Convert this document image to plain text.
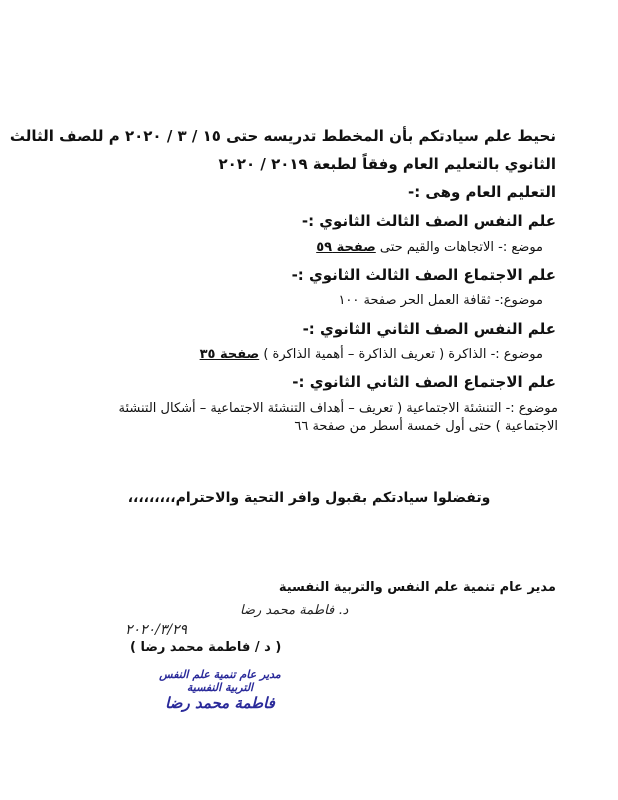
نحيط علم سيادتكم بأن المخطط تدريسه حتى ١٥ / ٣ / ٢٠٢٠ م للصف الثالث
الثانوي بالتعليم العام وفقاً لطبعة ٢٠١٩ / ٢٠٢٠
التعليم العام وهى :-
علم النفس الصف الثالث الثانوي :-
موضع :- الاتجاهات والقيم حتى صفحة ٥٩
علم الاجتماع الصف الثالث الثانوي :-
موضوع:- ثقافة العمل الحر صفحة ١٠٠
علم النفس الصف الثاني الثانوي :-
موضوع :- الذاكرة ( تعريف الذاكرة – أهمية الذاكرة ) صفحة ٣٥
علم الاجتماع الصف الثاني الثانوي :-
موضوع :- التنشئة الاجتماعية ( تعريف – أهداف التنشئة الاجتماعية – أشكال التنشئة
الاجتماعية ) حتى أول خمسة أسطر من صفحة ٦٦
وتفضلوا سيادتكم بقبول وافر التحية والاحترام،،،،،،،،،
مدير عام تنمية علم النفس والتربية النفسية
د. فاطمة محمد رضا
٢٠٢٠/٣/٢٩
( د / فاطمة محمد رضا )
مدير عام تنمية علم النفس
التربية النفسية
فاطمة محمد رضا
